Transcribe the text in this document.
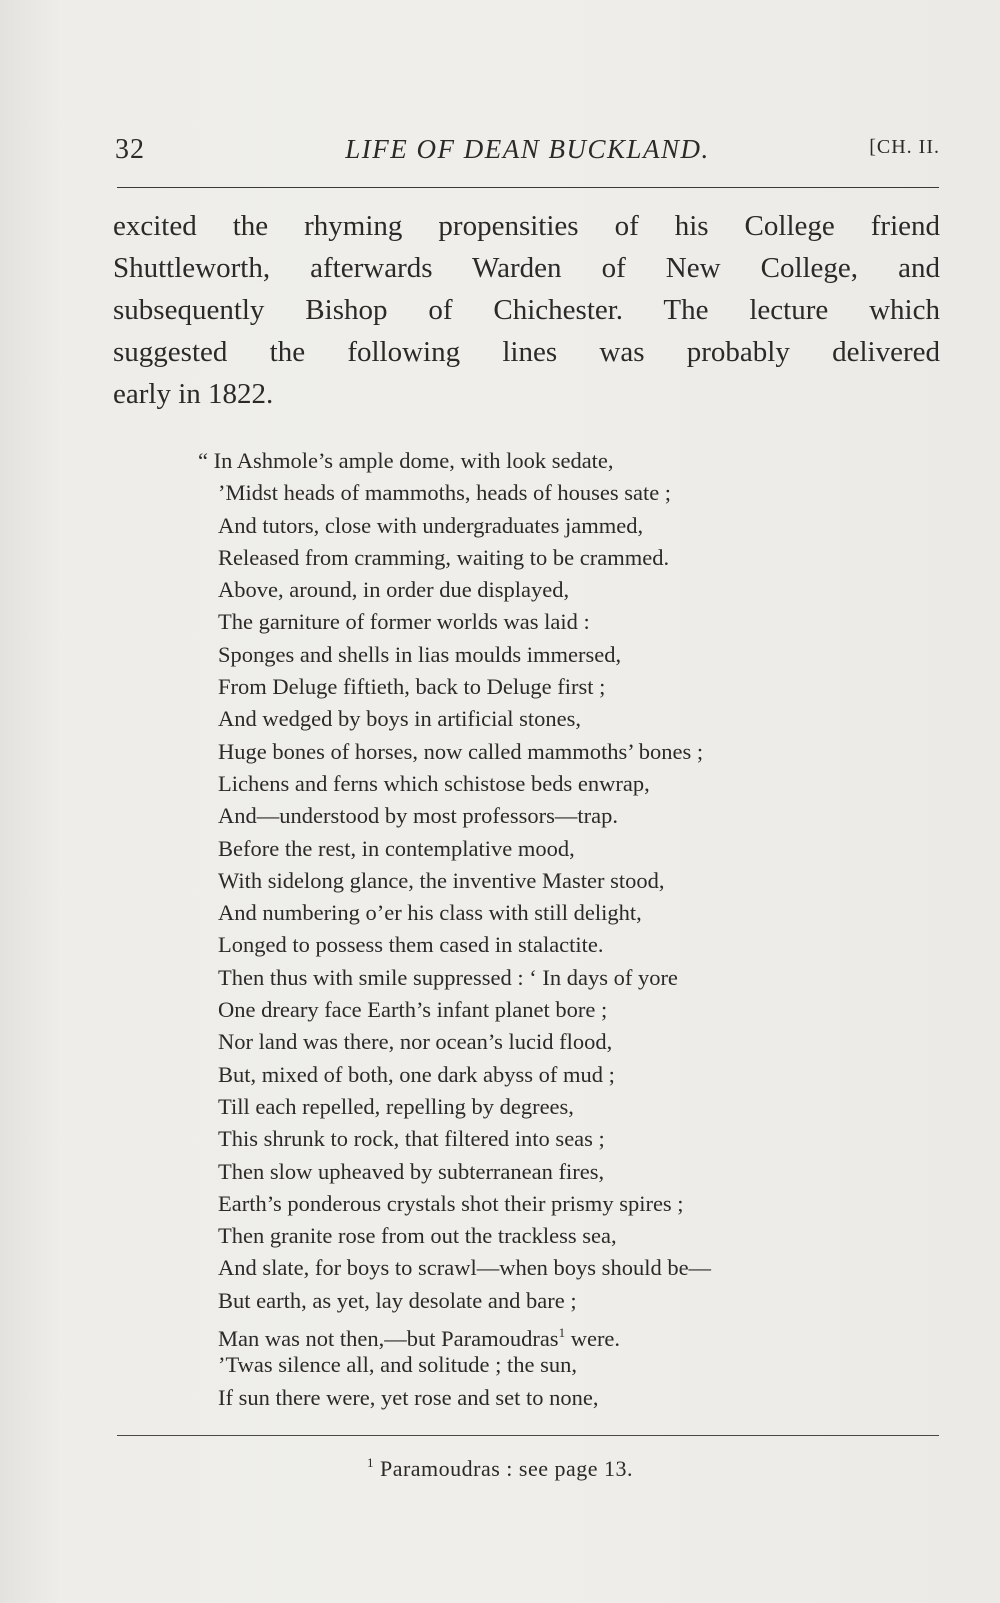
32	LIFE OF DEAN BUCKLAND.	[CH. II.
excited the rhyming propensities of his College friend
Shuttleworth, afterwards Warden of New College, and
subsequently Bishop of Chichester. The lecture which
suggested the following lines was probably delivered
early in 1822.
“ In Ashmole’s ample dome, with look sedate,
’Midst heads of mammoths, heads of houses sate ;
And tutors, close with undergraduates jammed,
Released from cramming, waiting to be crammed.
Above, around, in order due displayed,
The garniture of former worlds was laid :
Sponges and shells in lias moulds immersed,
From Deluge fiftieth, back to Deluge first ;
And wedged by boys in artificial stones,
Huge bones of horses, now called mammoths’ bones ;
Lichens and ferns which schistose beds enwrap,
And—understood by most professors—trap.
Before the rest, in contemplative mood,
With sidelong glance, the inventive Master stood,
And numbering o’er his class with still delight,
Longed to possess them cased in stalactite.
Then thus with smile suppressed : ‘ In days of yore
One dreary face Earth’s infant planet bore ;
Nor land was there, nor ocean’s lucid flood,
But, mixed of both, one dark abyss of mud ;
Till each repelled, repelling by degrees,
This shrunk to rock, that filtered into seas ;
Then slow upheaved by subterranean fires,
Earth’s ponderous crystals shot their prismy spires ;
Then granite rose from out the trackless sea,
And slate, for boys to scrawl—when boys should be—
But earth, as yet, lay desolate and bare ;
Man was not then,—but Paramoudras$^1$ were.
’Twas silence all, and solitude ; the sun,
If sun there were, yet rose and set to none,
$^1$ Paramoudras : see page 13.
